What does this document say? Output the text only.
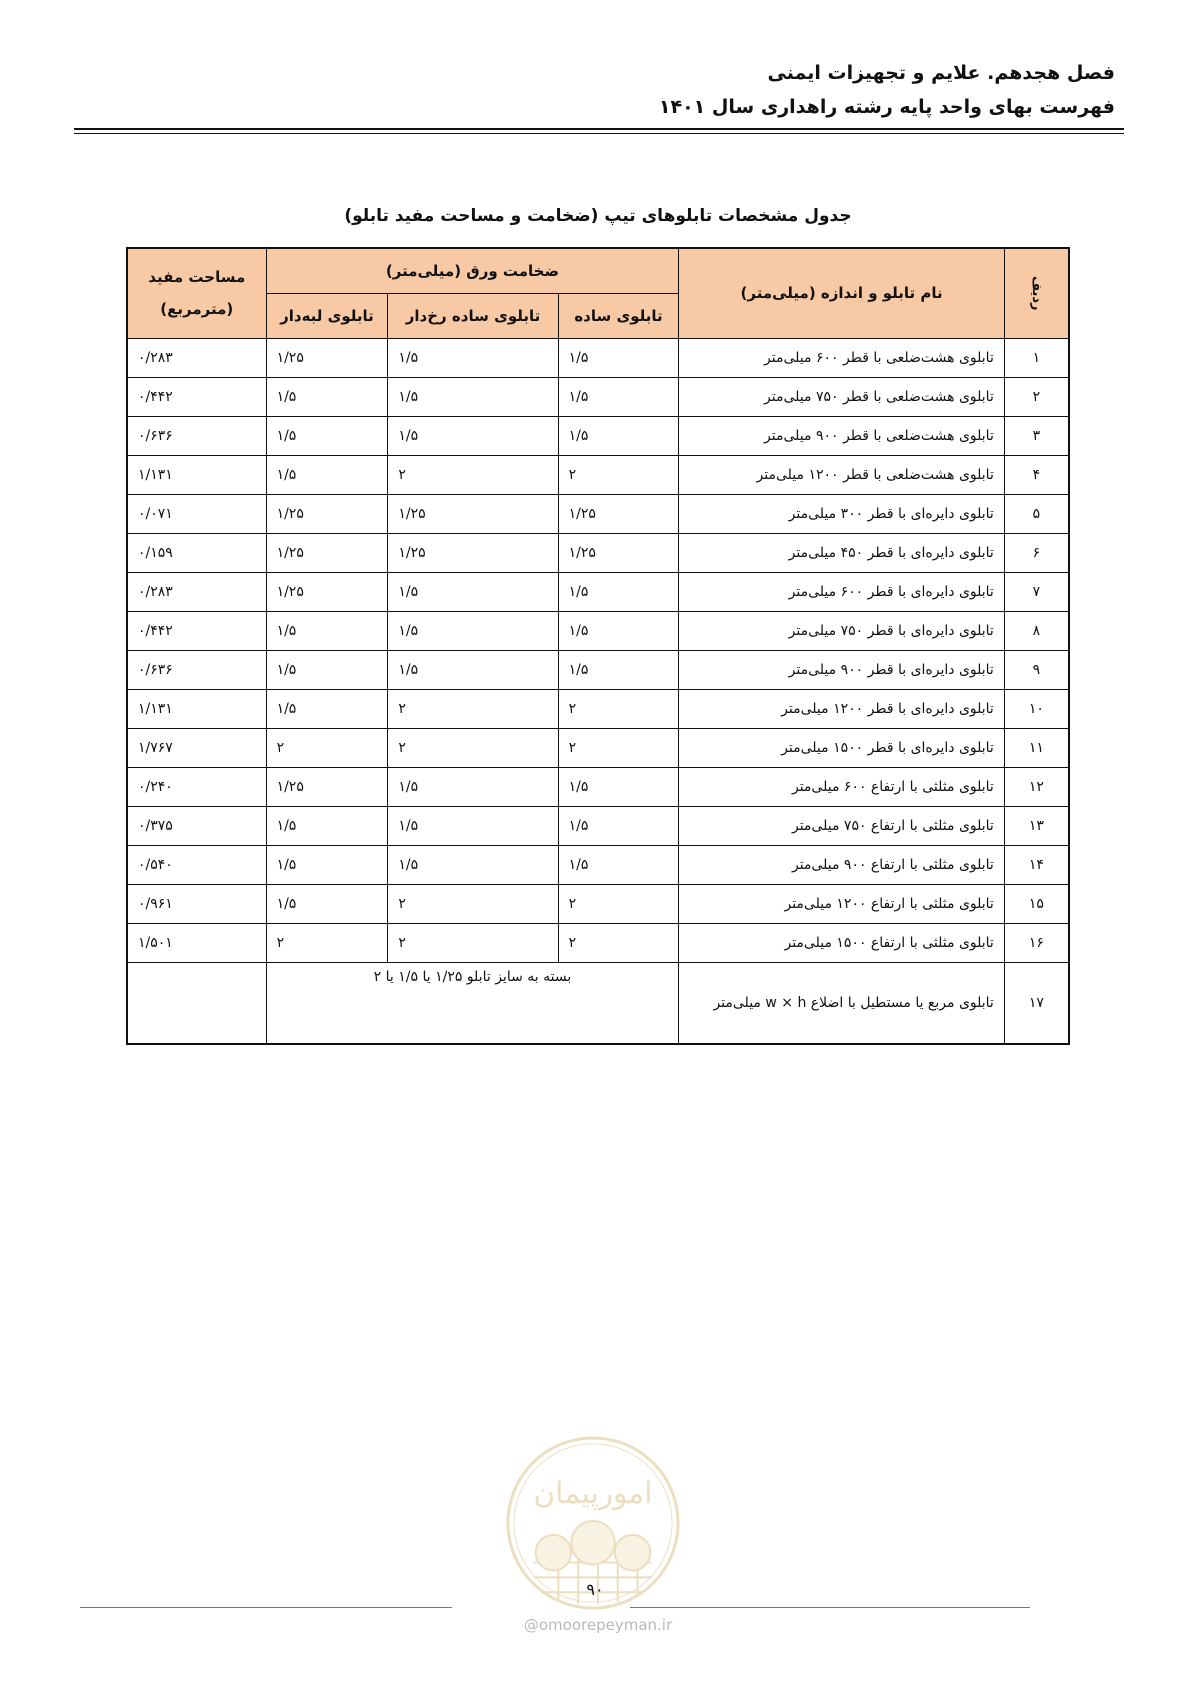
فصل هجدهم. علایم و تجهیزات ایمنی
فهرست بهای واحد پایه رشته راهداری سال ۱۴۰۱
جدول مشخصات تابلوهای تیپ (ضخامت و مساحت مفید تابلو)
ردیف	نام تابلو و اندازه (میلی‌متر)	ضخامت ورق (میلی‌متر)			مساحت مفید
(مترمربع)

		تابلوی ساده	تابلوی ساده رخ‌دار	تابلوی لبه‌دار	
۱	تابلوی هشت‌ضلعی با قطر ۶۰۰ میلی‌متر	۱/۵	۱/۵	۱/۲۵	۰/۲۸۳
۲	تابلوی هشت‌ضلعی با قطر ۷۵۰ میلی‌متر	۱/۵	۱/۵	۱/۵	۰/۴۴۲
۳	تابلوی هشت‌ضلعی با قطر ۹۰۰ میلی‌متر	۱/۵	۱/۵	۱/۵	۰/۶۳۶
۴	تابلوی هشت‌ضلعی با قطر ۱۲۰۰ میلی‌متر	۲	۲	۱/۵	۱/۱۳۱
۵	تابلوی دایره‌ای با قطر ۳۰۰ میلی‌متر	۱/۲۵	۱/۲۵	۱/۲۵	۰/۰۷۱
۶	تابلوی دایره‌ای با قطر ۴۵۰ میلی‌متر	۱/۲۵	۱/۲۵	۱/۲۵	۰/۱۵۹
۷	تابلوی دایره‌ای با قطر ۶۰۰ میلی‌متر	۱/۵	۱/۵	۱/۲۵	۰/۲۸۳
۸	تابلوی دایره‌ای با قطر ۷۵۰ میلی‌متر	۱/۵	۱/۵	۱/۵	۰/۴۴۲
۹	تابلوی دایره‌ای با قطر ۹۰۰ میلی‌متر	۱/۵	۱/۵	۱/۵	۰/۶۳۶
۱۰	تابلوی دایره‌ای با قطر ۱۲۰۰ میلی‌متر	۲	۲	۱/۵	۱/۱۳۱
۱۱	تابلوی دایره‌ای با قطر ۱۵۰۰ میلی‌متر	۲	۲	۲	۱/۷۶۷
۱۲	تابلوی مثلثی با ارتفاع ۶۰۰ میلی‌متر	۱/۵	۱/۵	۱/۲۵	۰/۲۴۰
۱۳	تابلوی مثلثی با ارتفاع ۷۵۰ میلی‌متر	۱/۵	۱/۵	۱/۵	۰/۳۷۵
۱۴	تابلوی مثلثی با ارتفاع ۹۰۰ میلی‌متر	۱/۵	۱/۵	۱/۵	۰/۵۴۰
۱۵	تابلوی مثلثی با ارتفاع ۱۲۰۰ میلی‌متر	۲	۲	۱/۵	۰/۹۶۱
۱۶	تابلوی مثلثی با ارتفاع ۱۵۰۰ میلی‌متر	۲	۲	۲	۱/۵۰۱
۱۷	تابلوی مربع یا مستطیل با اضلاع w × h میلی‌متر	بسته به سایز تابلو ۱/۲۵ یا ۱/۵ یا ۲			
امورپیمان
۹۰
@omoorepeyman.ir
